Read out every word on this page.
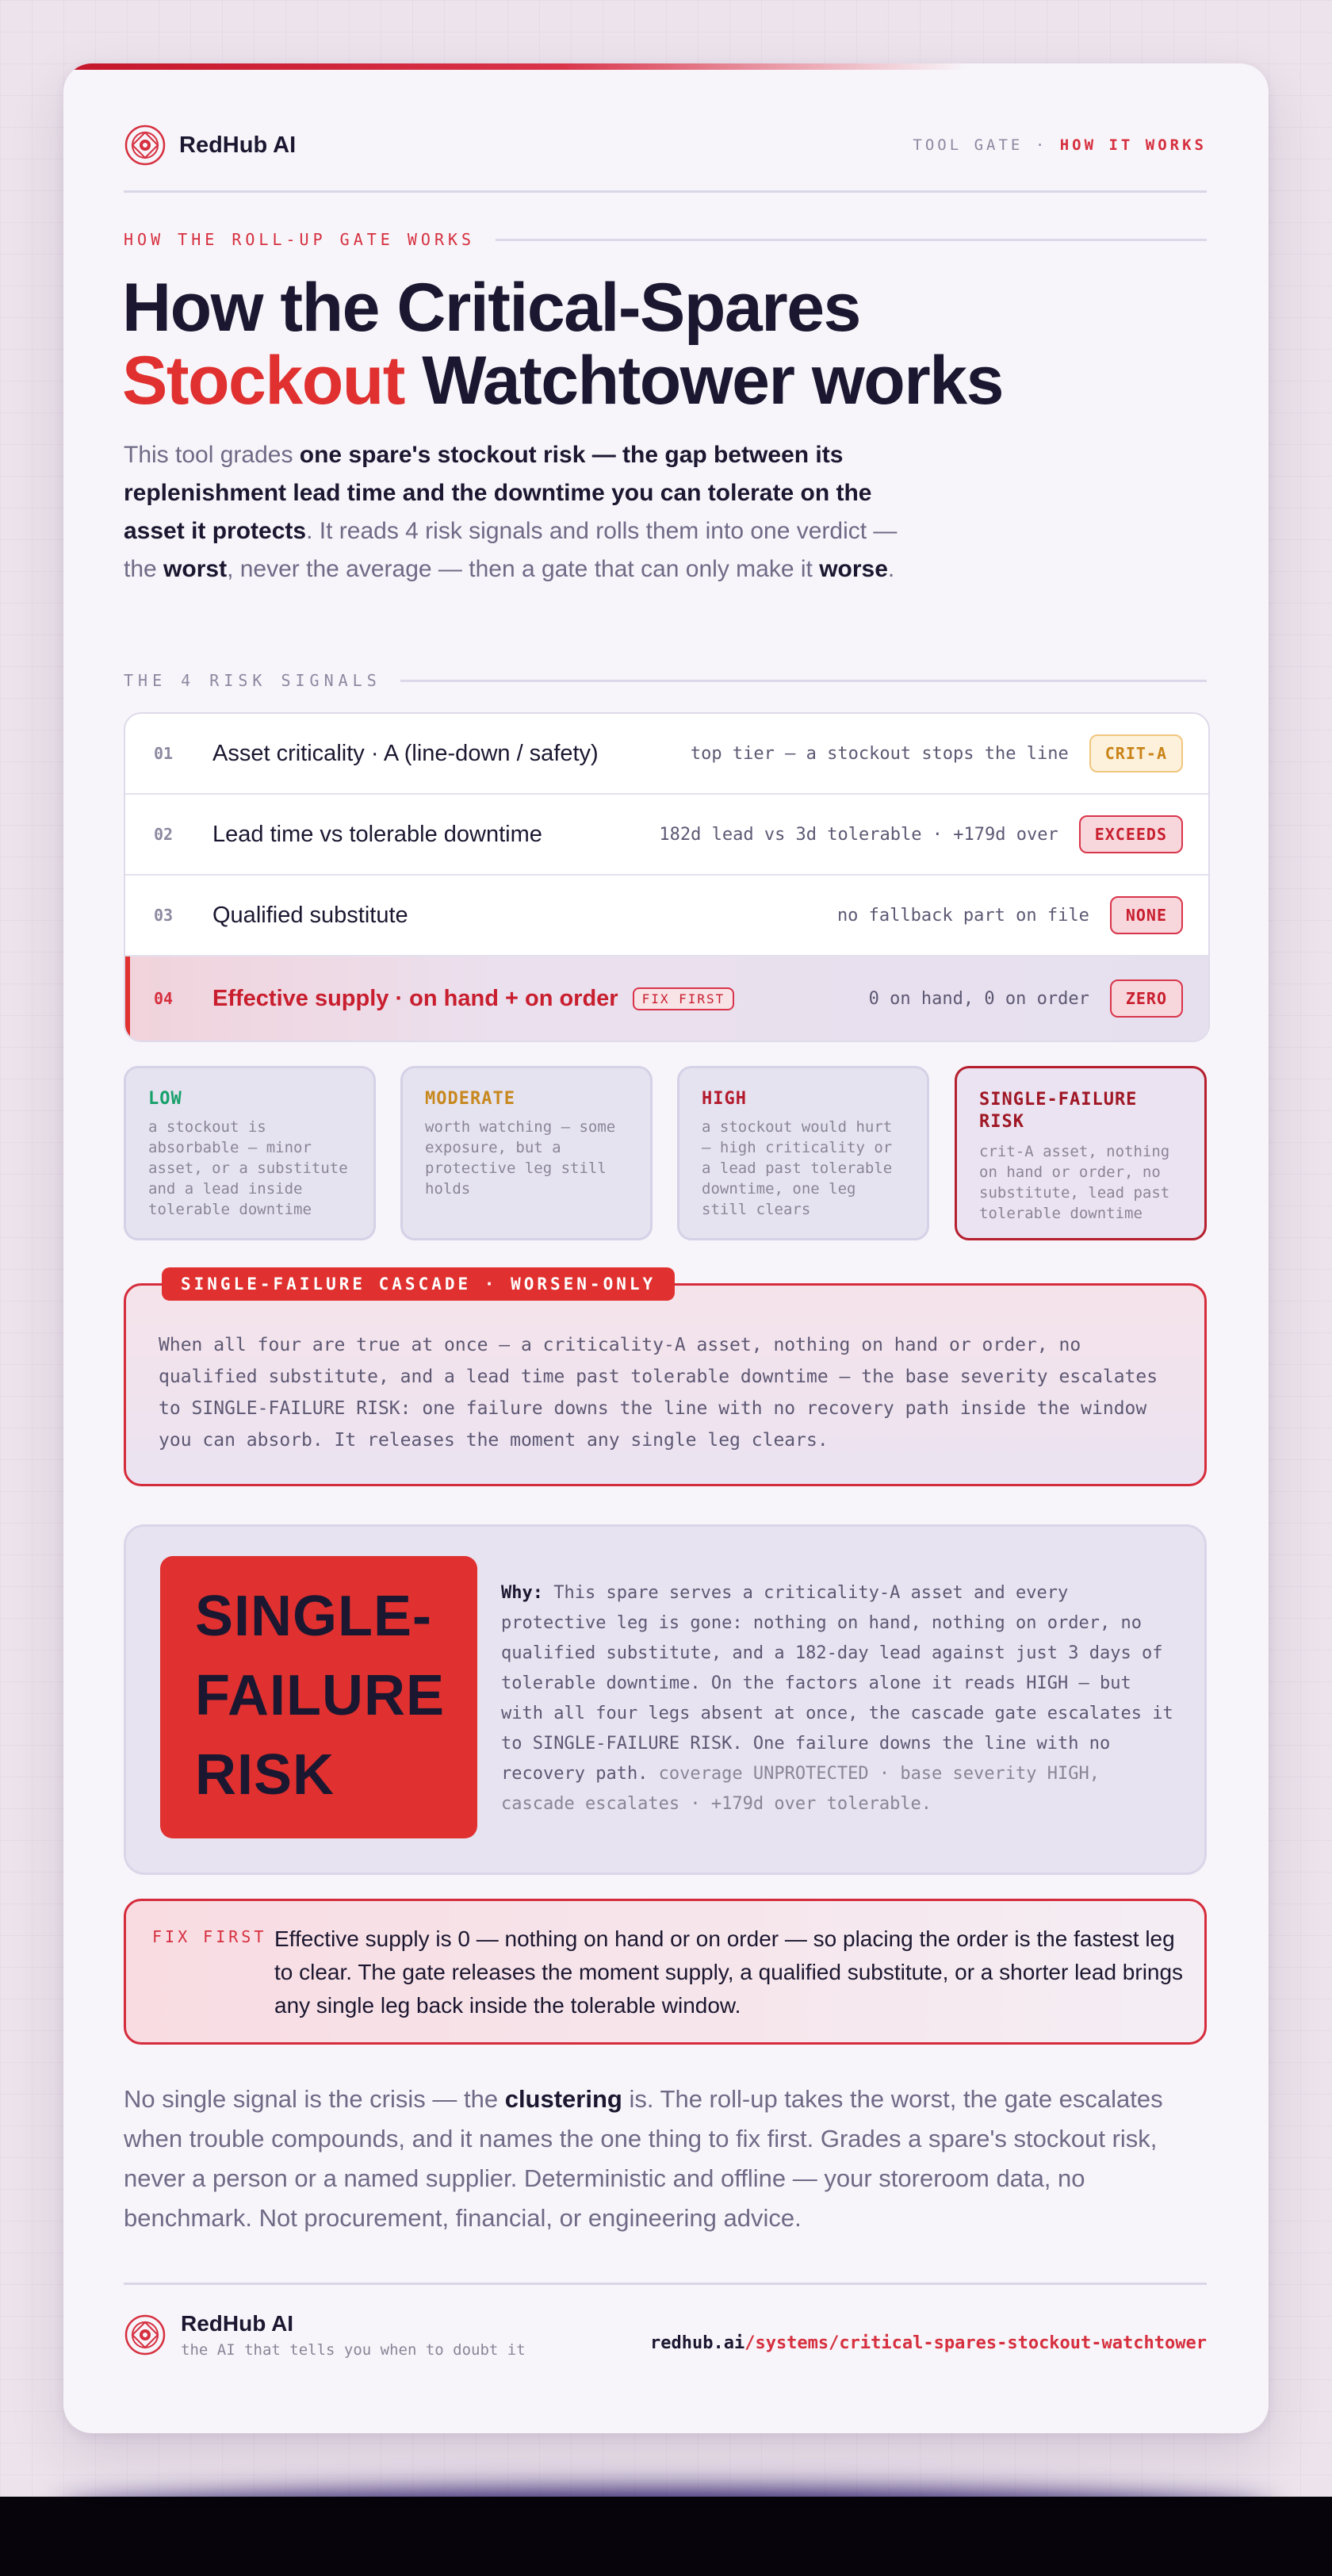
RedHub AI	TOOL GATE · HOW IT WORKS
HOW THE ROLL-UP GATE WORKS
How the Critical-Spares
Stockout Watchtower works

This tool grades one spare's stockout risk — the gap between its replenishment lead time and the downtime you can tolerate on the asset it protects. It reads 4 risk signals and rolls them into one verdict — the worst, never the average — then a gate that can only make it worse.

THE 4 RISK SIGNALS
01	Asset criticality · A (line-down / safety)	top tier — a stockout stops the line	CRIT-A
02	Lead time vs tolerable downtime	182d lead vs 3d tolerable · +179d over	EXCEEDS
03	Qualified substitute	no fallback part on file	NONE
04	Effective supply · on hand + on order	FIX FIRST	0 on hand, 0 on order	ZERO
LOW
a stockout is absorbable — minor asset, or a substitute and a lead inside tolerable downtime
MODERATE
worth watching — some exposure, but a protective leg still holds
HIGH
a stockout would hurt — high criticality or a lead past tolerable downtime, one leg still clears
SINGLE-FAILURE RISK
crit-A asset, nothing on hand or order, no substitute, lead past tolerable downtime
SINGLE-FAILURE CASCADE · WORSEN-ONLY

When all four are true at once — a criticality-A asset, nothing on hand or order, no qualified substitute, and a lead time past tolerable downtime — the base severity escalates to SINGLE-FAILURE RISK: one failure downs the line with no recovery path inside the window you can absorb. It releases the moment any single leg clears.

SINGLE-FAILURE RISK

Why: This spare serves a criticality-A asset and every protective leg is gone: nothing on hand, nothing on order, no qualified substitute, and a 182-day lead against just 3 days of tolerable downtime. On the factors alone it reads HIGH — but with all four legs absent at once, the cascade gate escalates it to SINGLE-FAILURE RISK. One failure downs the line with no recovery path. coverage UNPROTECTED · base severity HIGH, cascade escalates · +179d over tolerable.

FIX FIRST Effective supply is 0 — nothing on hand or on order — so placing the order is the fastest leg to clear. The gate releases the moment supply, a qualified substitute, or a shorter lead brings any single leg back inside the tolerable window.

No single signal is the crisis — the clustering is. The roll-up takes the worst, the gate escalates when trouble compounds, and it names the one thing to fix first. Grades a spare's stockout risk, never a person or a named supplier. Deterministic and offline — your storeroom data, no benchmark. Not procurement, financial, or engineering advice.

RedHub AI
the AI that tells you when to doubt it	redhub.ai/systems/critical-spares-stockout-watchtower
